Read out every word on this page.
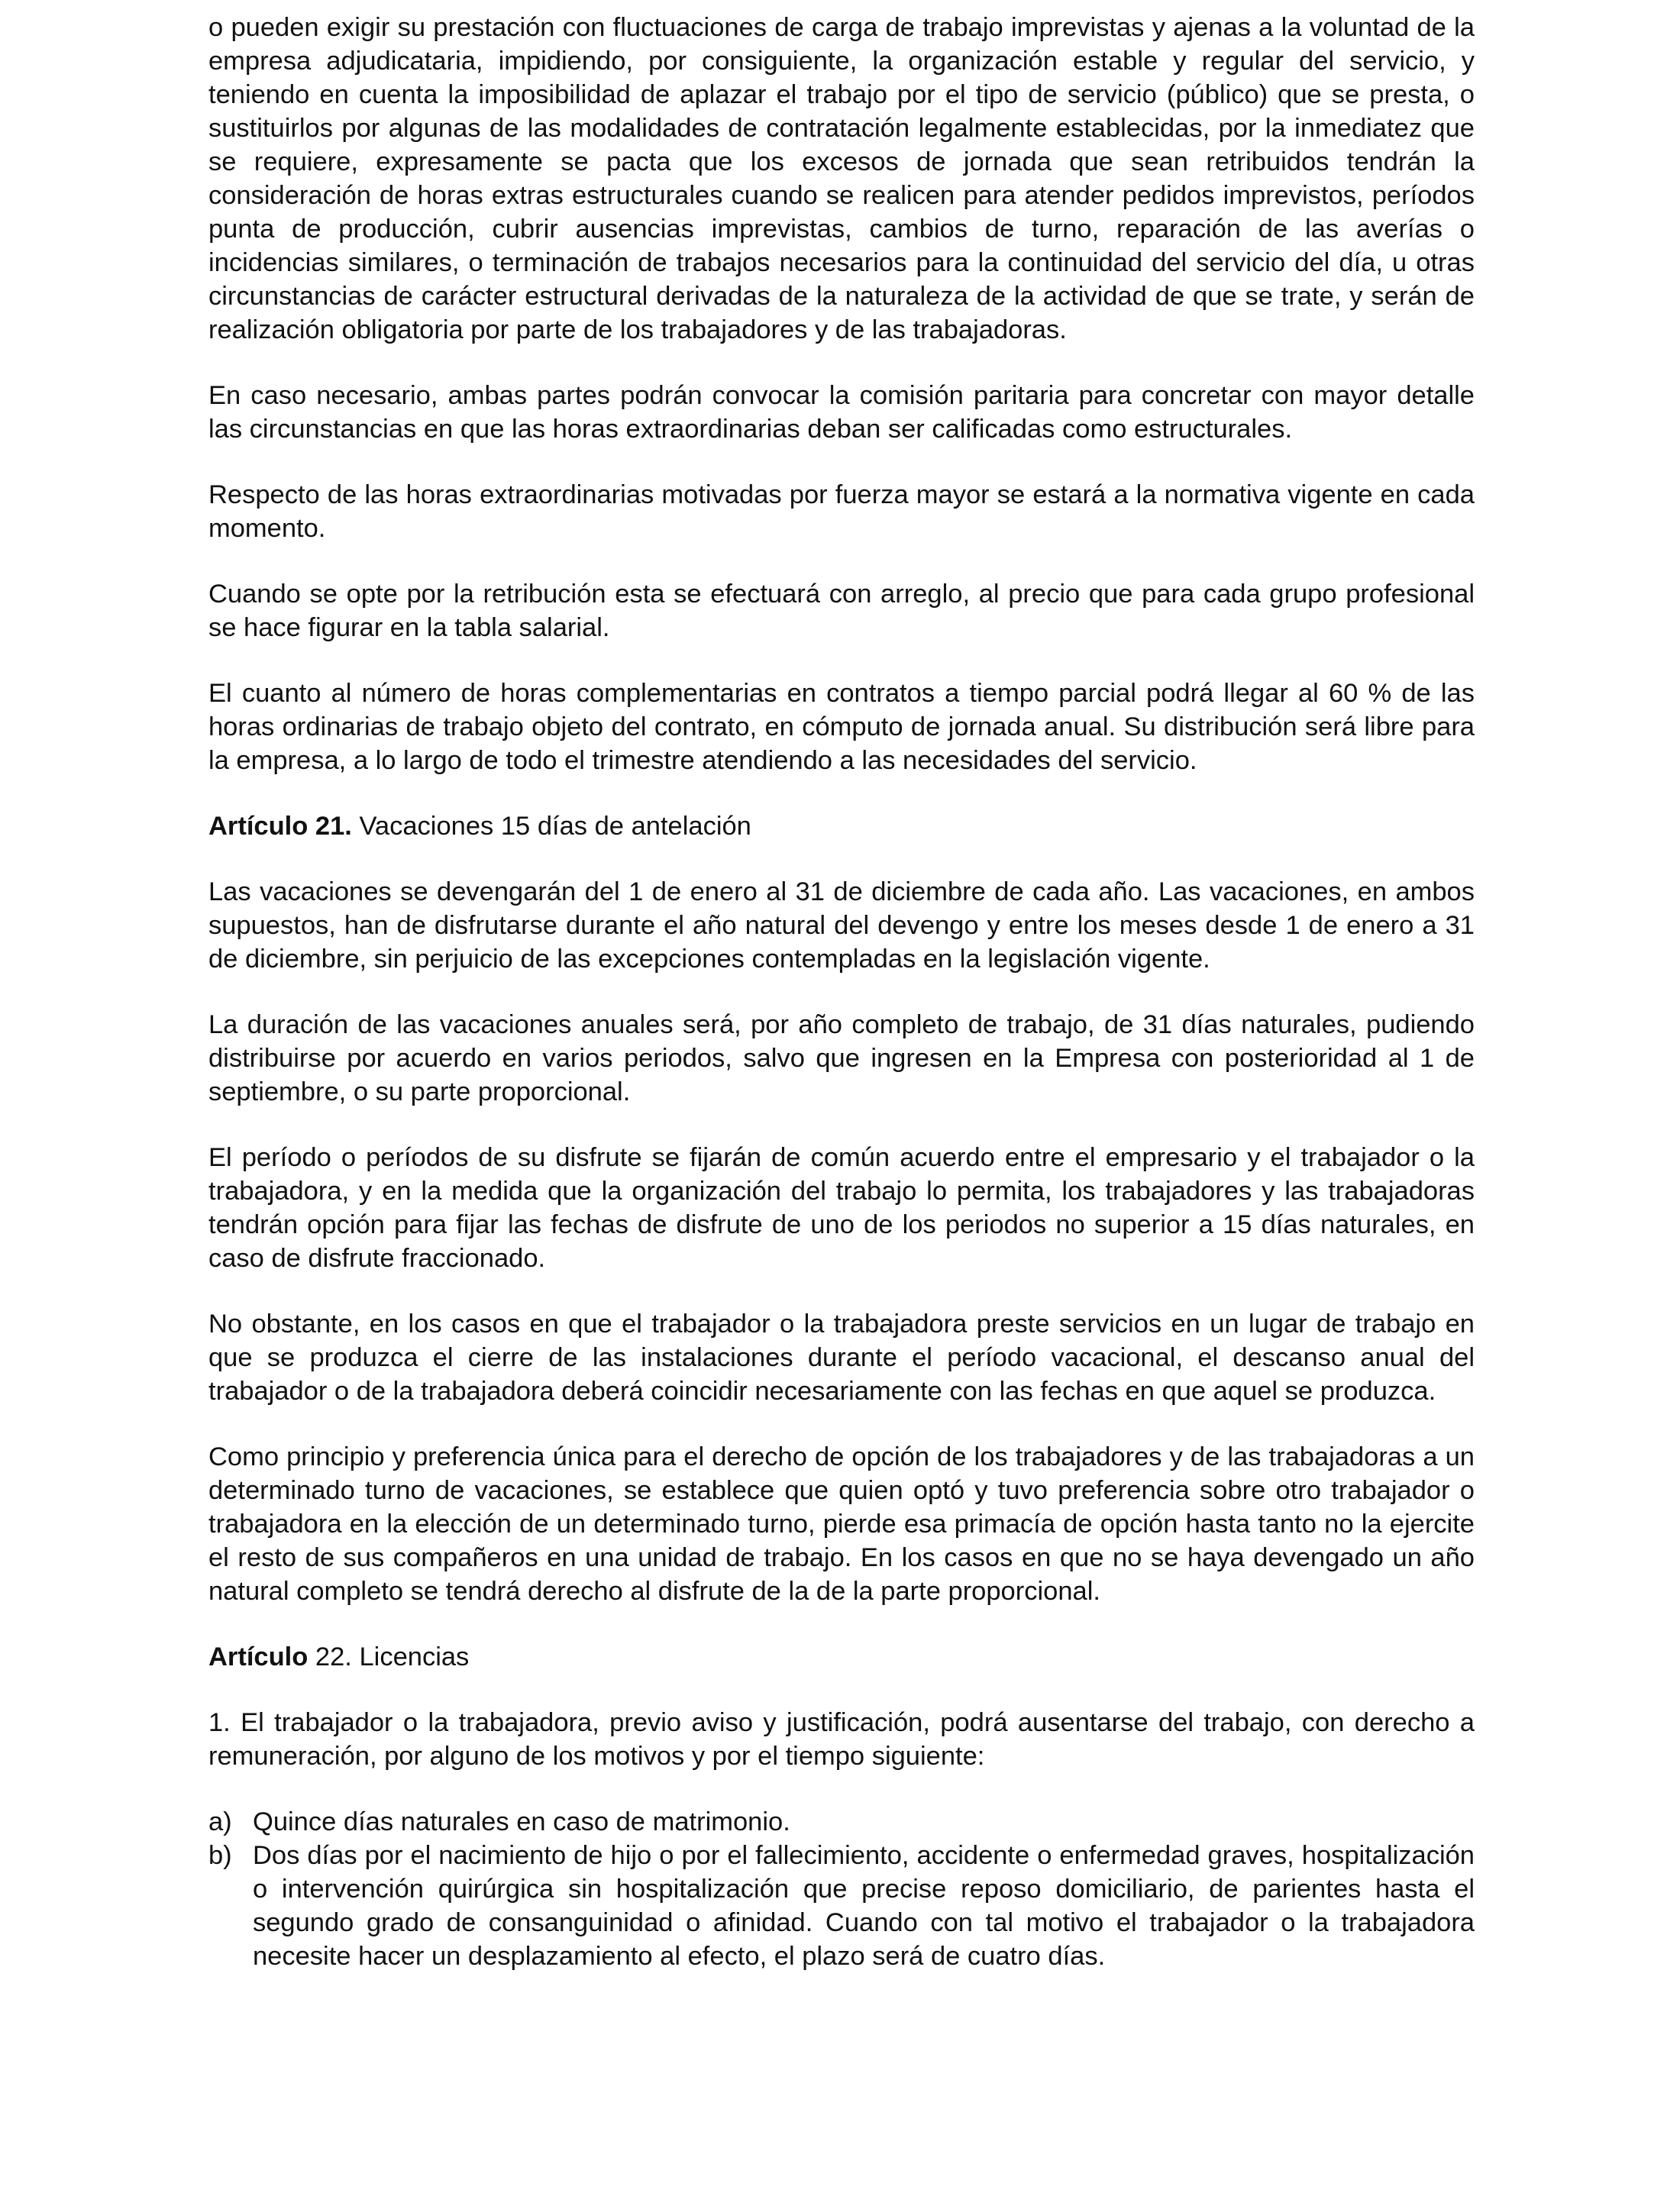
o pueden exigir su prestación con fluctuaciones de carga de trabajo imprevistas y ajenas a la voluntad de la empresa adjudicataria, impidiendo, por consiguiente, la organización estable y regular del servicio, y teniendo en cuenta la imposibilidad de aplazar el trabajo por el tipo de servicio (público) que se presta, o sustituirlos por algunas de las modalidades de contratación legalmente establecidas, por la inmediatez que se requiere, expresamente se pacta que los excesos de jornada que sean retribuidos tendrán la consideración de horas extras estructurales cuando se realicen para atender pedidos imprevistos, períodos punta de producción, cubrir ausencias imprevistas, cambios de turno, reparación de las averías o incidencias similares, o terminación de trabajos necesarios para la continuidad del servicio del día, u otras circunstancias de carácter estructural derivadas de la naturaleza de la actividad de que se trate, y serán de realización obligatoria por parte de los trabajadores y de las trabajadoras.

En caso necesario, ambas partes podrán convocar la comisión paritaria para concretar con mayor detalle las circunstancias en que las horas extraordinarias deban ser calificadas como estructurales.

Respecto de las horas extraordinarias motivadas por fuerza mayor se estará a la normativa vigente en cada momento.

Cuando se opte por la retribución esta se efectuará con arreglo, al precio que para cada grupo profesional se hace figurar en la tabla salarial.

El cuanto al número de horas complementarias en contratos a tiempo parcial podrá llegar al 60 % de las horas ordinarias de trabajo objeto del contrato, en cómputo de jornada anual. Su distribución será libre para la empresa, a lo largo de todo el trimestre atendiendo a las necesidades del servicio.

Artículo 21. Vacaciones 15 días de antelación

Las vacaciones se devengarán del 1 de enero al 31 de diciembre de cada año. Las vacaciones, en ambos supuestos, han de disfrutarse durante el año natural del devengo y entre los meses desde 1 de enero a 31 de diciembre, sin perjuicio de las excepciones contempladas en la legislación vigente.

La duración de las vacaciones anuales será, por año completo de trabajo, de 31 días naturales, pudiendo distribuirse por acuerdo en varios periodos, salvo que ingresen en la Empresa con posterioridad al 1 de septiembre, o su parte proporcional.

El período o períodos de su disfrute se fijarán de común acuerdo entre el empresario y el trabajador o la trabajadora, y en la medida que la organización del trabajo lo permita, los trabajadores y las trabajadoras tendrán opción para fijar las fechas de disfrute de uno de los periodos no superior a 15 días naturales, en caso de disfrute fraccionado.

No obstante, en los casos en que el trabajador o la trabajadora preste servicios en un lugar de trabajo en que se produzca el cierre de las instalaciones durante el período vacacional, el descanso anual del trabajador o de la trabajadora deberá coincidir necesariamente con las fechas en que aquel se produzca.

Como principio y preferencia única para el derecho de opción de los trabajadores y de las trabajadoras a un determinado turno de vacaciones, se establece que quien optó y tuvo preferencia sobre otro trabajador o trabajadora en la elección de un determinado turno, pierde esa primacía de opción hasta tanto no la ejercite el resto de sus compañeros en una unidad de trabajo. En los casos en que no se haya devengado un año natural completo se tendrá derecho al disfrute de la de la parte proporcional.

Artículo 22. Licencias

1. El trabajador o la trabajadora, previo aviso y justificación, podrá ausentarse del trabajo, con derecho a remuneración, por alguno de los motivos y por el tiempo siguiente:

a) Quince días naturales en caso de matrimonio.
b) Dos días por el nacimiento de hijo o por el fallecimiento, accidente o enfermedad graves, hospitalización o intervención quirúrgica sin hospitalización que precise reposo domiciliario, de parientes hasta el segundo grado de consanguinidad o afinidad. Cuando con tal motivo el trabajador o la trabajadora necesite hacer un desplazamiento al efecto, el plazo será de cuatro días.
